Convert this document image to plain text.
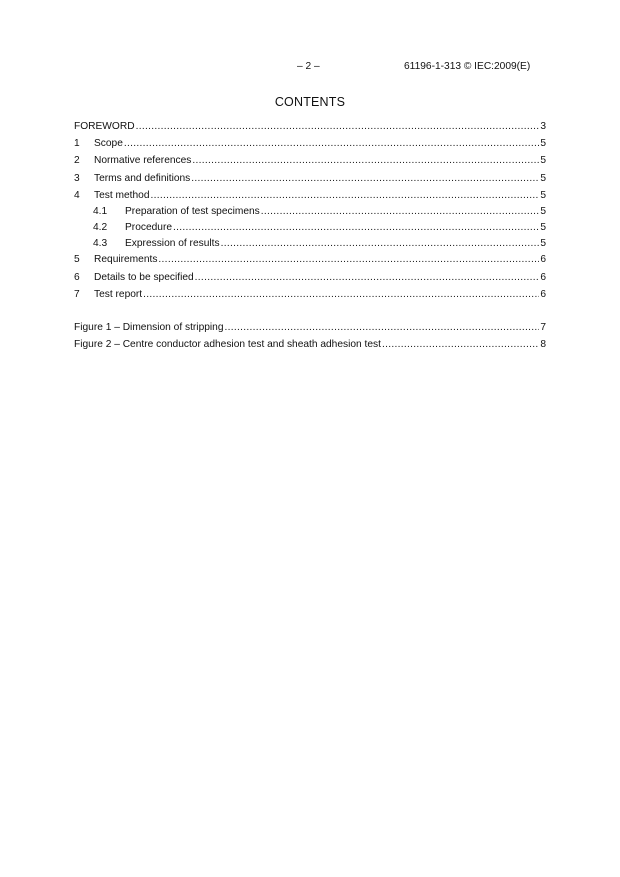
– 2 –	61196-1-313 © IEC:2009(E)
CONTENTS
FOREWORD .....	3
1	Scope .....	5
2	Normative references .....	5
3	Terms and definitions .....	5
4	Test method .....	5
4.1	Preparation of test specimens .....	5
4.2	Procedure .....	5
4.3	Expression of results .....	5
5	Requirements .....	6
6	Details to be specified .....	6
7	Test report .....	6
Figure 1 – Dimension of stripping .....	7
Figure 2 – Centre conductor adhesion test and sheath adhesion test .....	8
